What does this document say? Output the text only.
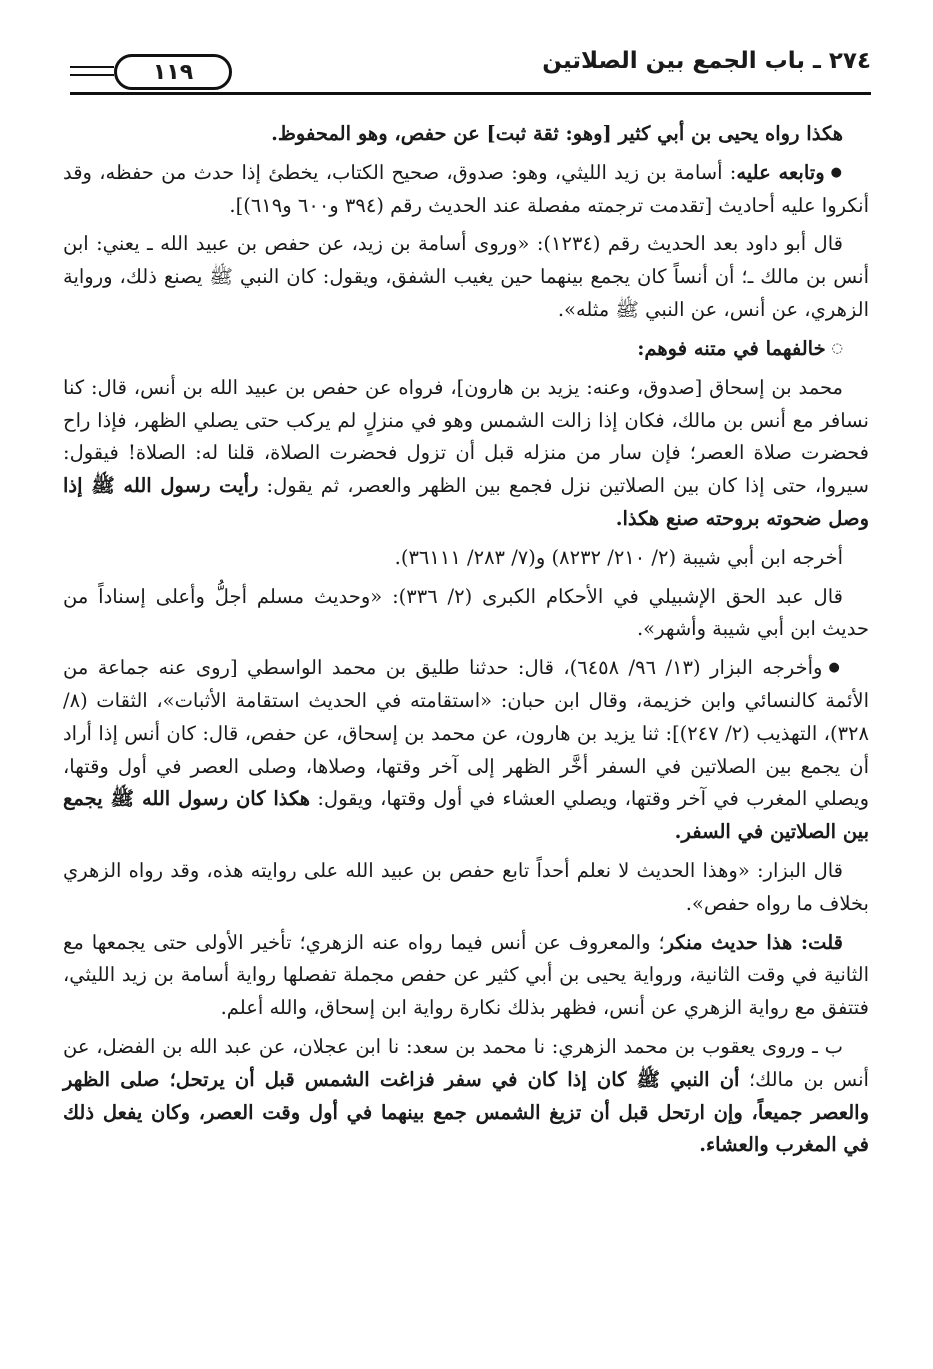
٢٧٤ ـ باب الجمع بين الصلاتين
١١٩

هكذا رواه يحيى بن أبي كثير [وهو: ثقة ثبت] عن حفص، وهو المحفوظ.

●وتابعه عليه: أسامة بن زيد الليثي، وهو: صدوق، صحيح الكتاب، يخطئ إذا حدث من حفظه، وقد أنكروا عليه أحاديث [تقدمت ترجمته مفصلة عند الحديث رقم (٣٩٤ و٦٠٠ و٦١٩)].

قال أبو داود بعد الحديث رقم (١٢٣٤): «وروى أسامة بن زيد، عن حفص بن عبيد الله ـ يعني: ابن أنس بن مالك ـ؛ أن أنساً كان يجمع بينهما حين يغيب الشفق، ويقول: كان النبي ﷺ يصنع ذلك، ورواية الزهري، عن أنس، عن النبي ﷺ مثله».

◌خالفهما في متنه فوهم:

محمد بن إسحاق [صدوق، وعنه: يزيد بن هارون]، فرواه عن حفص بن عبيد الله بن أنس، قال: كنا نسافر مع أنس بن مالك، فكان إذا زالت الشمس وهو في منزلٍ لم يركب حتى يصلي الظهر، فإذا راح فحضرت صلاة العصر؛ فإن سار من منزله قبل أن تزول فحضرت الصلاة، قلنا له: الصلاة! فيقول: سيروا، حتى إذا كان بين الصلاتين نزل فجمع بين الظهر والعصر، ثم يقول: رأيت رسول الله ﷺ إذا وصل ضحوته بروحته صنع هكذا.

أخرجه ابن أبي شيبة (٢/ ٢١٠/ ٨٢٣٢) و(٧/ ٢٨٣/ ٣٦١١١).

قال عبد الحق الإشبيلي في الأحكام الكبرى (٢/ ٣٣٦): «وحديث مسلم أجلُّ وأعلى إسناداً من حديث ابن أبي شيبة وأشهر».

●وأخرجه البزار (١٣/ ٩٦/ ٦٤٥٨)، قال: حدثنا طليق بن محمد الواسطي [روى عنه جماعة من الأئمة كالنسائي وابن خزيمة، وقال ابن حبان: «استقامته في الحديث استقامة الأثبات»، الثقات (٨/ ٣٢٨)، التهذيب (٢/ ٢٤٧)]: ثنا يزيد بن هارون، عن محمد بن إسحاق، عن حفص، قال: كان أنس إذا أراد أن يجمع بين الصلاتين في السفر أخَّر الظهر إلى آخر وقتها، وصلاها، وصلى العصر في أول وقتها، ويصلي المغرب في آخر وقتها، ويصلي العشاء في أول وقتها، ويقول: هكذا كان رسول الله ﷺ يجمع بين الصلاتين في السفر.

قال البزار: «وهذا الحديث لا نعلم أحداً تابع حفص بن عبيد الله على روايته هذه، وقد رواه الزهري بخلاف ما رواه حفص».

قلت: هذا حديث منكر؛ والمعروف عن أنس فيما رواه عنه الزهري؛ تأخير الأولى حتى يجمعها مع الثانية في وقت الثانية، ورواية يحيى بن أبي كثير عن حفص مجملة تفصلها رواية أسامة بن زيد الليثي، فتتفق مع رواية الزهري عن أنس، فظهر بذلك نكارة رواية ابن إسحاق، والله أعلم.

ب ـ وروى يعقوب بن محمد الزهري: نا محمد بن سعد: نا ابن عجلان، عن عبد الله بن الفضل، عن أنس بن مالك؛ أن النبي ﷺ كان إذا كان في سفر فزاغت الشمس قبل أن يرتحل؛ صلى الظهر والعصر جميعاً، وإن ارتحل قبل أن تزيغ الشمس جمع بينهما في أول وقت العصر، وكان يفعل ذلك في المغرب والعشاء.
